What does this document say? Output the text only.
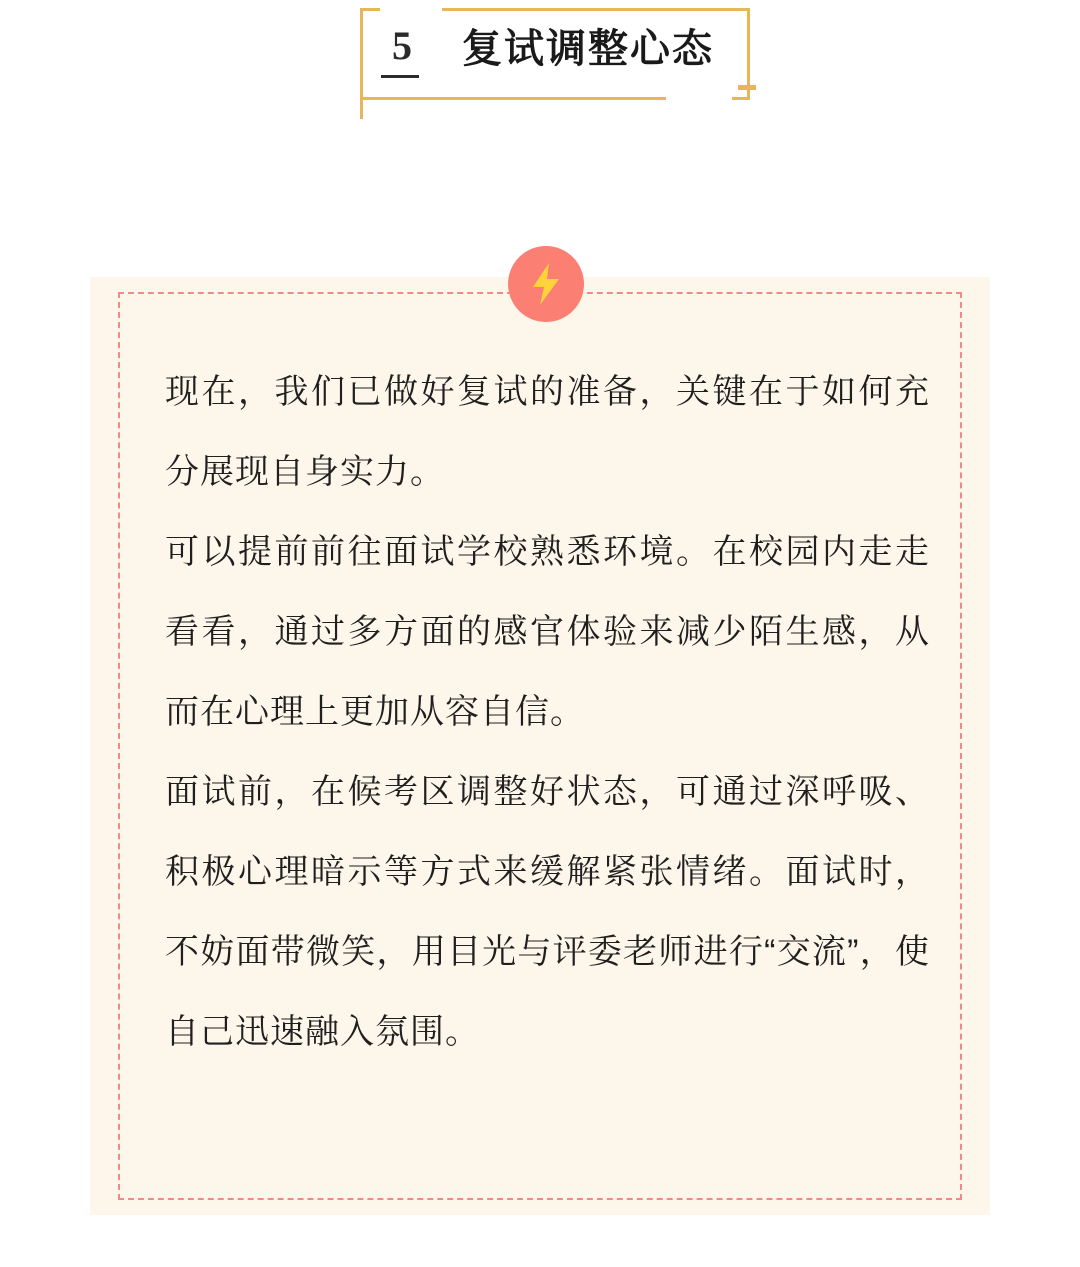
5 复试调整心态

现在，我们已做好复试的准备，关键在于如何充分展现自身实力。

可以提前前往面试学校熟悉环境。在校园内走走看看，通过多方面的感官体验来减少陌生感，从而在心理上更加从容自信。

面试前，在候考区调整好状态，可通过深呼吸、积极心理暗示等方式来缓解紧张情绪。面试时，不妨面带微笑，用目光与评委老师进行“交流”，使自己迅速融入氛围。
